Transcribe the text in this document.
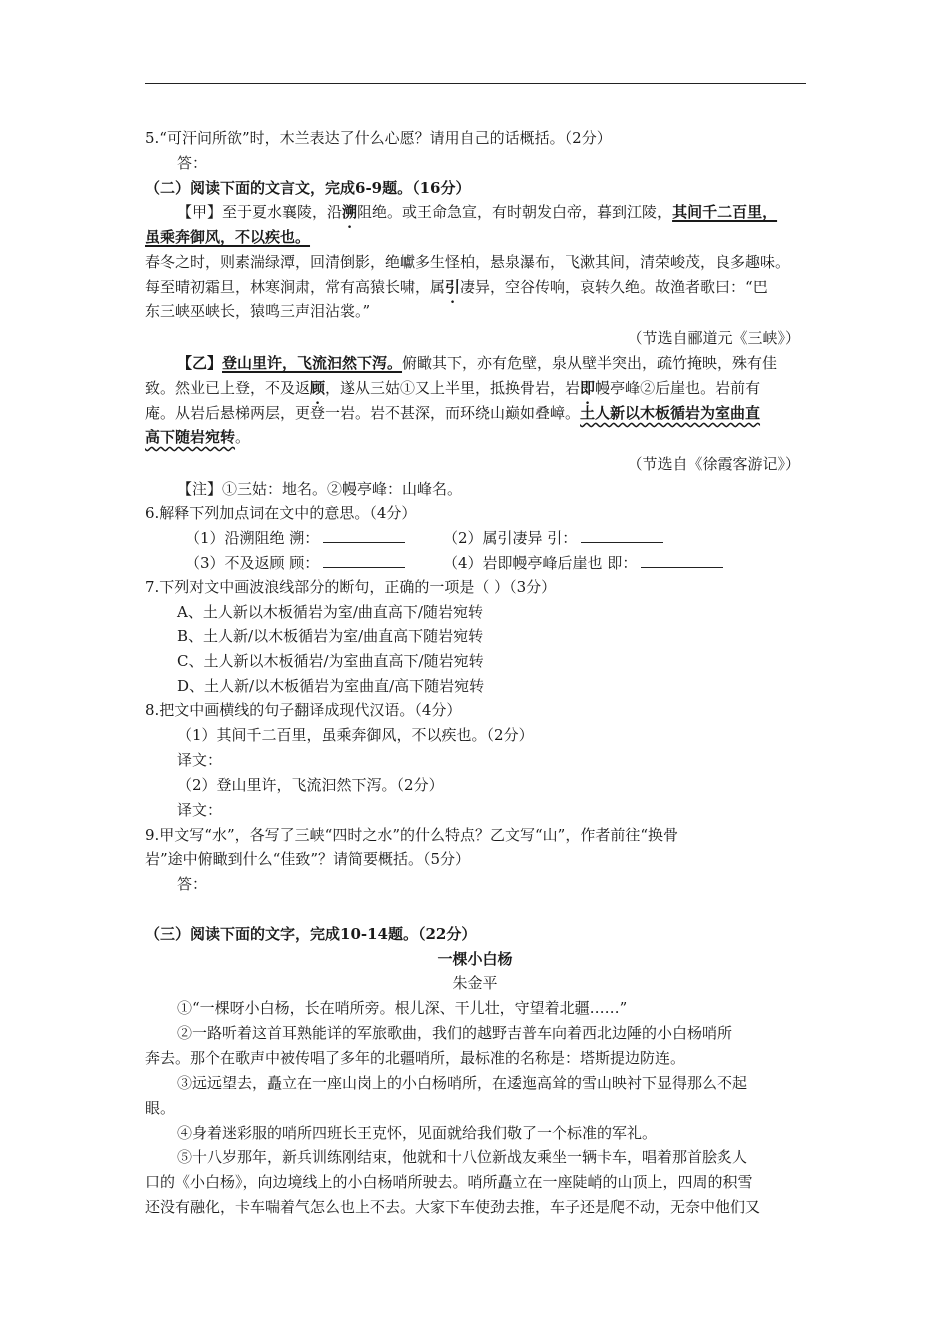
5.“可汗问所欲”时，木兰表达了什么心愿？请用自己的话概括。（2分）
答：
（二）阅读下面的文言文，完成6-9题。（16分）
【甲】至于夏水襄陵，沿溯阻绝。或王命急宣，有时朝发白帝，暮到江陵，其间千二百里，
虽乘奔御风，不以疾也。
春冬之时，则素湍绿潭，回清倒影，绝巘多生怪柏，悬泉瀑布，飞漱其间，清荣峻茂，良多趣味。
每至晴初霜旦，林寒涧肃，常有高猿长啸，属引凄异，空谷传响，哀转久绝。故渔者歌曰：“巴
东三峡巫峡长，猿鸣三声泪沾裳。”
（节选自郦道元《三峡》）
【乙】登山里许，飞流汩然下泻。俯瞰其下，亦有危壁，泉从壁半突出，疏竹掩映，殊有佳
致。然业已上登，不及返顾，遂从三姑①又上半里，抵换骨岩，岩即幔亭峰②后崖也。岩前有
庵。从岩后悬梯两层，更登一岩。岩不甚深，而环绕山巅如叠嶂。土人新以木板循岩为室曲直
高下随岩宛转。
（节选自《徐霞客游记》）
【注】①三姑：地名。②幔亭峰：山峰名。
6.解释下列加点词在文中的意思。（4分）
（1）沿溯阻绝 溯：	（2）属引凄异 引：
（3）不及返顾 顾：	（4）岩即幔亭峰后崖也 即：
7.下列对文中画波浪线部分的断句，正确的一项是（ ）（3分）
A、土人新以木板循岩为室/曲直高下/随岩宛转
B、土人新/以木板循岩为室/曲直高下随岩宛转
C、土人新以木板循岩/为室曲直高下/随岩宛转
D、土人新/以木板循岩为室曲直/高下随岩宛转
8.把文中画横线的句子翻译成现代汉语。（4分）
（1）其间千二百里，虽乘奔御风，不以疾也。（2分）
译文：
（2）登山里许，飞流汩然下泻。（2分）
译文：
9.甲文写“水”，各写了三峡“四时之水”的什么特点？乙文写“山”，作者前往“换骨
岩”途中俯瞰到什么“佳致”？请简要概括。（5分）
答：
（三）阅读下面的文字，完成10-14题。（22分）
一棵小白杨
朱金平
①“一棵呀小白杨，长在哨所旁。根儿深、干儿壮，守望着北疆……”
②一路听着这首耳熟能详的军旅歌曲，我们的越野吉普车向着西北边陲的小白杨哨所
奔去。那个在歌声中被传唱了多年的北疆哨所，最标准的名称是：塔斯提边防连。
③远远望去，矗立在一座山岗上的小白杨哨所，在逶迤高耸的雪山映衬下显得那么不起
眼。
④身着迷彩服的哨所四班长王克怀，见面就给我们敬了一个标准的军礼。
⑤十八岁那年，新兵训练刚结束，他就和十八位新战友乘坐一辆卡车，唱着那首脍炙人
口的《小白杨》，向边境线上的小白杨哨所驶去。哨所矗立在一座陡峭的山顶上，四周的积雪
还没有融化，卡车喘着气怎么也上不去。大家下车使劲去推，车子还是爬不动，无奈中他们又
